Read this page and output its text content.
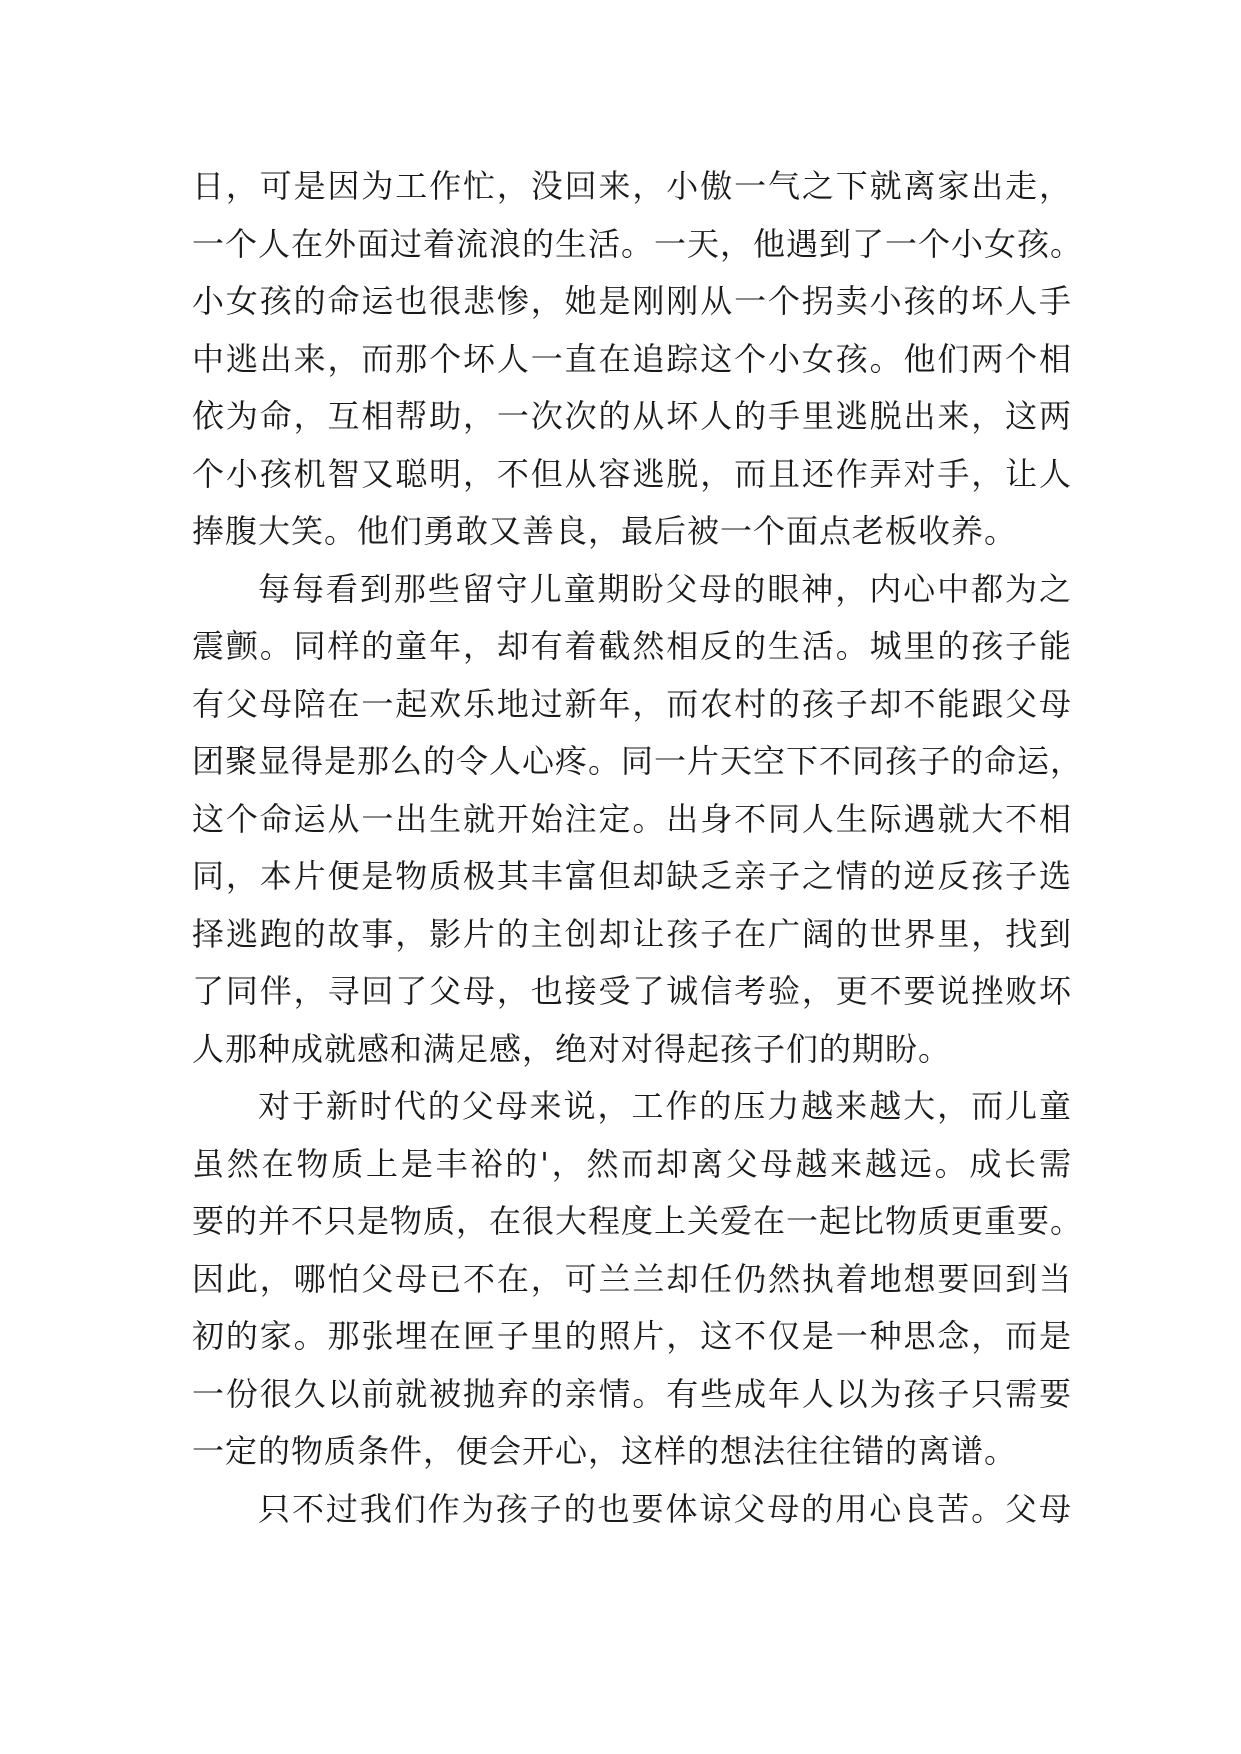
日，可是因为工作忙，没回来，小傲一气之下就离家出走，
一个人在外面过着流浪的生活。一天，他遇到了一个小女孩。
小女孩的命运也很悲惨，她是刚刚从一个拐卖小孩的坏人手
中逃出来，而那个坏人一直在追踪这个小女孩。他们两个相
依为命，互相帮助，一次次的从坏人的手里逃脱出来，这两
个小孩机智又聪明，不但从容逃脱，而且还作弄对手，让人
捧腹大笑。他们勇敢又善良，最后被一个面点老板收养。
每每看到那些留守儿童期盼父母的眼神，内心中都为之
震颤。同样的童年，却有着截然相反的生活。城里的孩子能
有父母陪在一起欢乐地过新年，而农村的孩子却不能跟父母
团聚显得是那么的令人心疼。同一片天空下不同孩子的命运，
这个命运从一出生就开始注定。出身不同人生际遇就大不相
同，本片便是物质极其丰富但却缺乏亲子之情的逆反孩子选
择逃跑的故事，影片的主创却让孩子在广阔的世界里，找到
了同伴，寻回了父母，也接受了诚信考验，更不要说挫败坏
人那种成就感和满足感，绝对对得起孩子们的期盼。
对于新时代的父母来说，工作的压力越来越大，而儿童
虽然在物质上是丰裕的'，然而却离父母越来越远。成长需
要的并不只是物质，在很大程度上关爱在一起比物质更重要。
因此，哪怕父母已不在，可兰兰却任仍然执着地想要回到当
初的家。那张埋在匣子里的照片，这不仅是一种思念，而是
一份很久以前就被抛弃的亲情。有些成年人以为孩子只需要
一定的物质条件，便会开心，这样的想法往往错的离谱。
只不过我们作为孩子的也要体谅父母的用心良苦。父母
